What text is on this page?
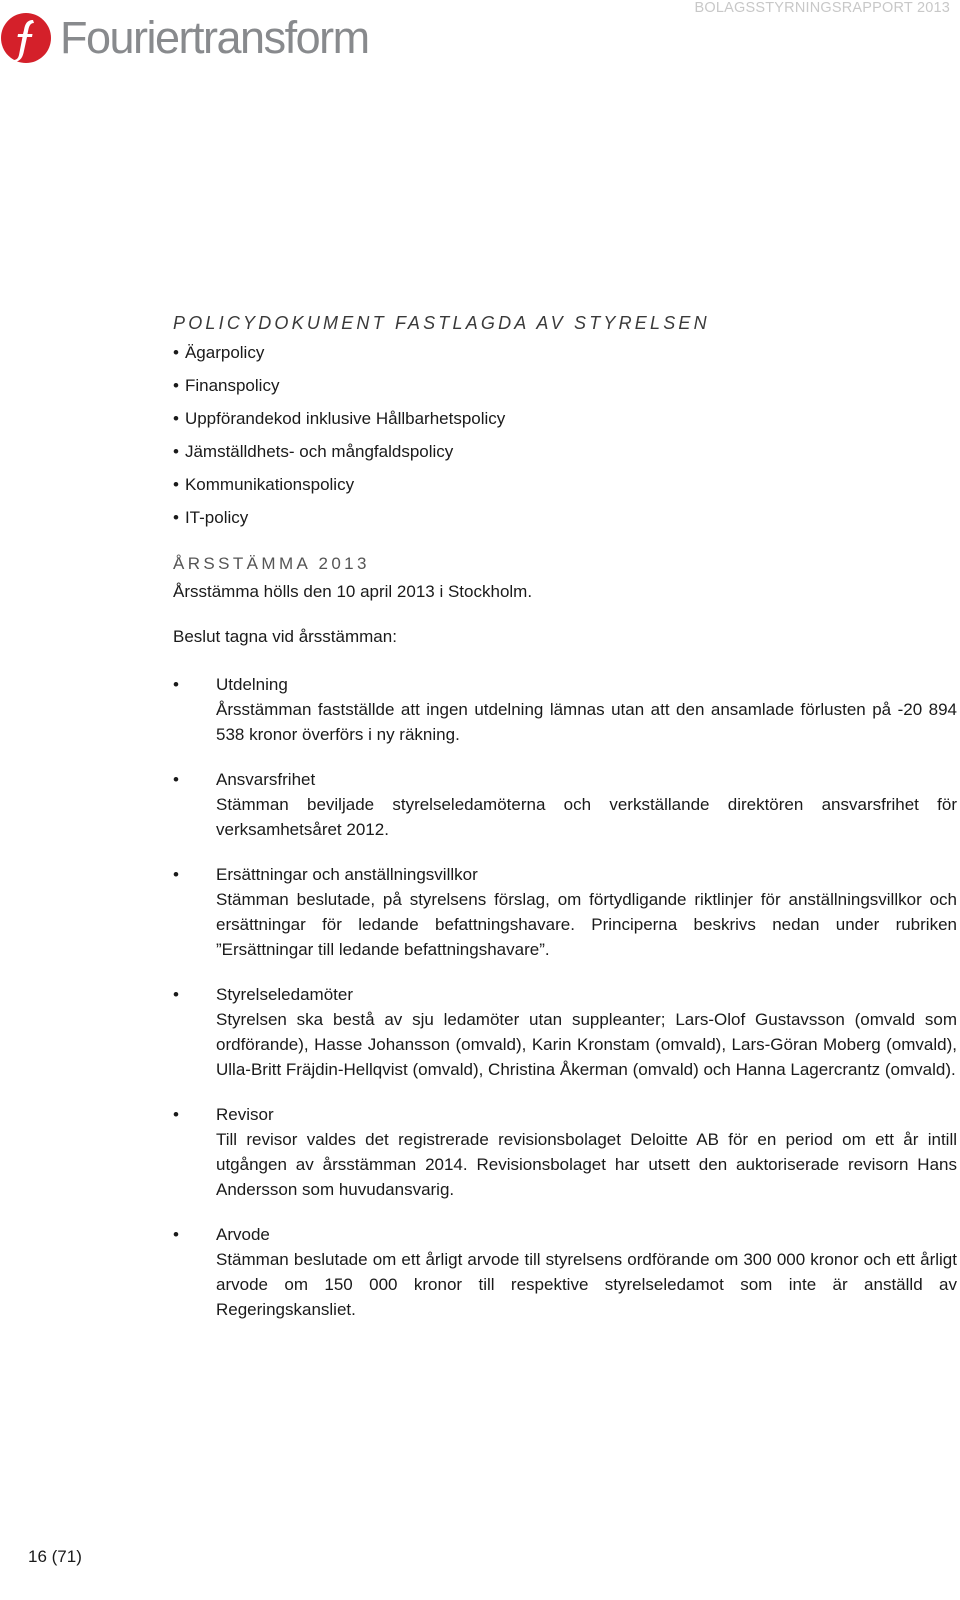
Fouriertransform
BOLAGSSTYRNINGSRAPPORT 2013
POLICYDOKUMENT FASTLAGDA AV STYRELSEN
• Ägarpolicy
• Finanspolicy
• Uppförandekod inklusive Hållbarhetspolicy
• Jämställdhets- och mångfaldspolicy
• Kommunikationspolicy
• IT-policy
ÅRSSTÄMMA 2013
Årsstämma hölls den 10 april 2013 i Stockholm.
Beslut tagna vid årsstämman:
• Utdelning
Årsstämman fastställde att ingen utdelning lämnas utan att den ansamlade förlusten på -20 894 538 kronor överförs i ny räkning.
• Ansvarsfrihet
Stämman beviljade styrelseledamöterna och verkställande direktören ansvarsfrihet för verksamhetsåret 2012.
• Ersättningar och anställningsvillkor
Stämman beslutade, på styrelsens förslag, om förtydligande riktlinjer för anställningsvillkor och ersättningar för ledande befattningshavare. Principerna beskrivs nedan under rubriken ”Ersättningar till ledande befattningshavare”.
• Styrelseledamöter
Styrelsen ska bestå av sju ledamöter utan suppleanter; Lars-Olof Gustavsson (omvald som ordförande), Hasse Johansson (omvald), Karin Kronstam (omvald), Lars-Göran Moberg (omvald), Ulla-Britt Fräjdin-Hellqvist (omvald), Christina Åkerman (omvald) och Hanna Lagercrantz (omvald).
• Revisor
Till revisor valdes det registrerade revisionsbolaget Deloitte AB för en period om ett år intill utgången av årsstämman 2014. Revisionsbolaget har utsett den auktoriserade revisorn Hans Andersson som huvudansvarig.
• Arvode
Stämman beslutade om ett årligt arvode till styrelsens ordförande om 300 000 kronor och ett årligt arvode om 150 000 kronor till respektive styrelseledamot som inte är anställd av Regeringskansliet.
16 (71)
